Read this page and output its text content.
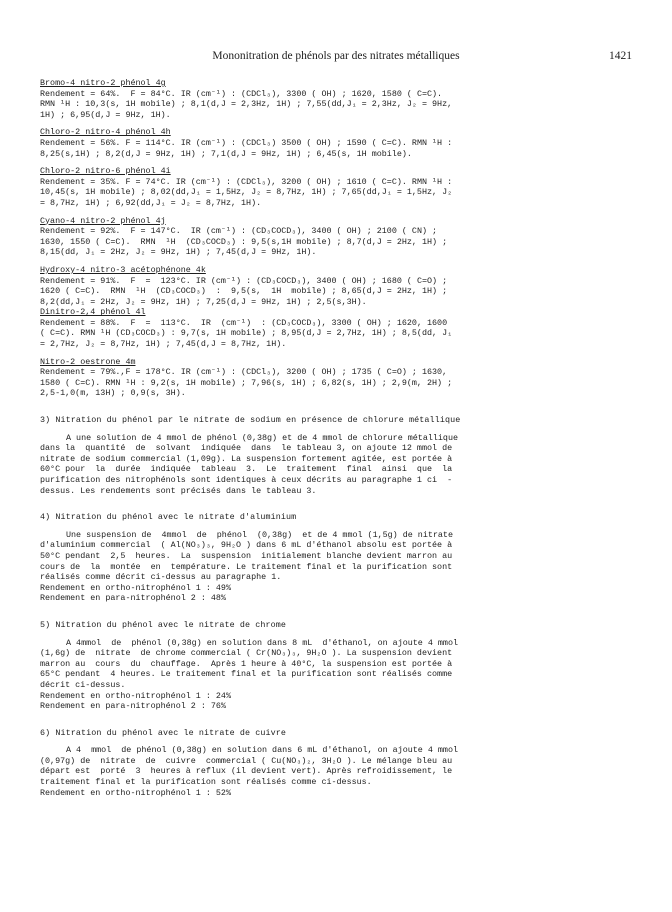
Mononitration de phénols par des nitrates métalliques	1421
Bromo-4 nitro-2 phénol 4g
Rendement = 64%.  F = 84°C. IR (cm⁻¹) : (CDCl₃), 3300 ( OH) ; 1620, 1580 ( C=C).
RMN ¹H : 10,3(s, 1H mobile) ; 8,1(d,J = 2,3Hz, 1H) ; 7,55(dd,J₁ = 2,3Hz, J₂ = 9Hz,
1H) ; 6,95(d,J = 9Hz, 1H).
Chloro-2 nitro-4 phénol 4h
Rendement = 56%. F = 114°C. IR (cm⁻¹) : (CDCl₃) 3500 ( OH) ; 1590 ( C=C). RMN ¹H :
8,25(s,1H) ; 8,2(d,J = 9Hz, 1H) ; 7,1(d,J = 9Hz, 1H) ; 6,45(s, 1H mobile).
Chloro-2 nitro-6 phénol 4i
Rendement = 35%. F = 74°C. IR (cm⁻¹) : (CDCl₃), 3200 ( OH) ; 1610 ( C=C). RMN ¹H :
10,45(s, 1H mobile) ; 8,02(dd,J₁ = 1,5Hz, J₂ = 8,7Hz, 1H) ; 7,65(dd,J₁ = 1,5Hz, J₂
= 8,7Hz, 1H) ; 6,92(dd,J₁ = J₂ = 8,7Hz, 1H).
Cyano-4 nitro-2 phénol 4j
Rendement = 92%.  F = 147°C.  IR (cm⁻¹) : (CD₃COCD₃), 3400 ( OH) ; 2100 ( CN) ;
1630, 1550 ( C=C).  RMN  ¹H  (CD₃COCD₃) : 9,5(s,1H mobile) ; 8,7(d,J = 2Hz, 1H) ;
8,15(dd, J₁ = 2Hz, J₂ = 9Hz, 1H) ; 7,45(d,J = 9Hz, 1H).
Hydroxy-4 nitro-3 acétophénone 4k
Rendement = 91%.  F  =  123°C. IR (cm⁻¹) : (CD₃COCD₃), 3400 ( OH) ; 1680 ( C=O) ;
1620 ( C=C).  RMN  ¹H  (CD₃COCD₃)  :  9,5(s,  1H  mobile) ; 8,65(d,J = 2Hz, 1H) ;
8,2(dd,J₁ = 2Hz, J₂ = 9Hz, 1H) ; 7,25(d,J = 9Hz, 1H) ; 2,5(s,3H).
Dinitro-2,4 phénol 4l
Rendement = 88%.  F  =  113°C.  IR  (cm⁻¹)  : (CD₃COCD₃), 3300 ( OH) ; 1620, 1600
( C=C). RMN ¹H (CD₃COCD₃) : 9,7(s, 1H mobile) ; 8,95(d,J = 2,7Hz, 1H) ; 8,5(dd, J₁
= 2,7Hz, J₂ = 8,7Hz, 1H) ; 7,45(d,J = 8,7Hz, 1H).
Nitro-2 oestrone 4m
Rendement = 79%.,F = 178°C. IR (cm⁻¹) : (CDCl₃), 3200 ( OH) ; 1735 ( C=O) ; 1630,
1580 ( C=C). RMN ¹H : 9,2(s, 1H mobile) ; 7,96(s, 1H) ; 6,82(s, 1H) ; 2,9(m, 2H) ;
2,5-1,0(m, 13H) ; 0,9(s, 3H).
3) Nitration du phénol par le nitrate de sodium en présence de chlorure métallique
A une solution de 4 mmol de phénol (0,38g) et de 4 mmol de chlorure métallique
dans la  quantité  de  solvant  indiquée  dans  le tableau 3, on ajoute 12 mmol de
nitrate de sodium commercial (1,09g). La suspension fortement agitée, est portée à
60°C pour  la  durée  indiquée  tableau  3.  Le  traitement  final  ainsi  que  la
purification des nitrophénols sont identiques à ceux décrits au paragraphe 1 ci  -
dessus. Les rendements sont précisés dans le tableau 3.
4) Nitration du phénol avec le nitrate d'aluminium
Une suspension de  4mmol  de  phénol  (0,38g)  et de 4 mmol (1,5g) de nitrate
d'aluminium commercial  ( Al(NO₃)₃, 9H₂O ) dans 6 mL d'éthanol absolu est portée à
50°C pendant  2,5  heures.  La  suspension  initialement blanche devient marron au
cours de  la  montée  en  température. Le traitement final et la purification sont
réalisés comme décrit ci-dessus au paragraphe 1.
Rendement en ortho-nitrophénol 1 : 49%
Rendement en para-nitrophénol 2 : 48%
5) Nitration du phénol avec le nitrate de chrome
A 4mmol  de  phénol (0,38g) en solution dans 8 mL  d'éthanol, on ajoute 4 mmol
(1,6g) de  nitrate  de chrome commercial ( Cr(NO₃)₃, 9H₂O ). La suspension devient
marron au  cours  du  chauffage.  Après 1 heure à 40°C, la suspension est portée à
65°C pendant  4 heures. Le traitement final et la purification sont réalisés comme
décrit ci-dessus.
Rendement en ortho-nitrophénol 1 : 24%
Rendement en para-nitrophénol 2 : 76%
6) Nitration du phénol avec le nitrate de cuivre
A 4  mmol  de phénol (0,38g) en solution dans 6 mL d'éthanol, on ajoute 4 mmol
(0,97g) de  nitrate  de  cuivre  commercial ( Cu(NO₃)₂, 3H₂O ). Le mélange bleu au
départ est  porté  3  heures à reflux (il devient vert). Après refroidissement, le
traitement final et la purification sont réalisés comme ci-dessus.
Rendement en ortho-nitrophénol 1 : 52%
